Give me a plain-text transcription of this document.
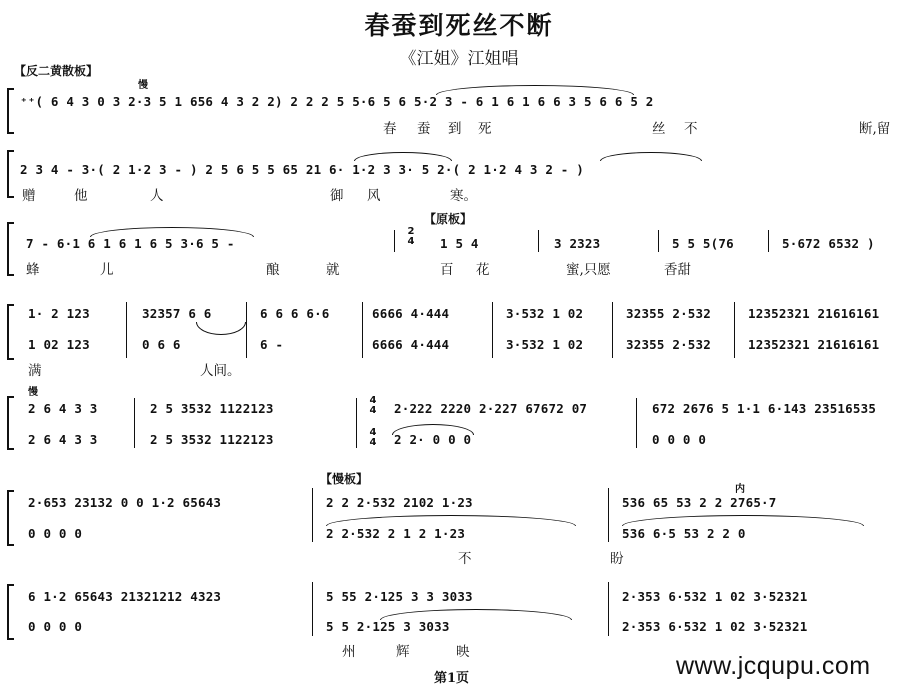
春蚕到死丝不断
《江姐》江姐唱
【反二黄散板】
慢
⁺⁺( 6 4 3 0 3 2·3 5 1 656 4 3 2 2) 2 2 2 5 5·6 5 6 5·2 3 - 6 1 6 1 6 6 3 5 6 6 5 2
春 蚕 到 死	丝 不	断,留
2 3 4 - 3·( 2 1·2 3 - ) 2 5 6 5 5 65 21 6· 1·2 3 3· 5 2·( 2 1·2 4 3 2 - )
赠	他	人	御 风	寒。
【原板】
2
4
7 - 6·1 6 1 6 1 6 5 3·6 5 -	1 5 4	3 2323	5 5 5(76	5·672 6532 )
蜂	儿	酿	就	百 花	蜜,只愿	香甜
1· 2 123	32357 6 6	6 6 6 6·6	6666 4·444	3·532 1 02	32355 2·532	12352321 21616161
1 02 123	0 6 6	6 -	6666 4·444	3·532 1 02	32355 2·532	12352321 21616161
满	人间。
慢
4
4
4
4
2 6 4 3 3	2 5 3532 1122123	2·222 2220 2·227 67672 07	672 2676 5 1·1 6·143 23516535
2 6 4 3 3	2 5 3532 1122123	2 2· 0 0 0	0 0 0 0
【慢板】
内
2·653 23132 0 0 1·2 65643	2 2 2·532 2102 1·23	536 65 53 2 2 2765·7
0 0 0 0	2 2·532 2 1 2 1·23	536 6·5 53 2 2 0
不	盼
6 1·2 65643 21321212 4323	5 55 2·125 3 3 3033	2·353 6·532 1 02 3·52321
0 0 0 0	5 5 2·125 3 3033	2·353 6·532 1 02 3·52321
州	辉	映
第1页	www.jcqupu.com
